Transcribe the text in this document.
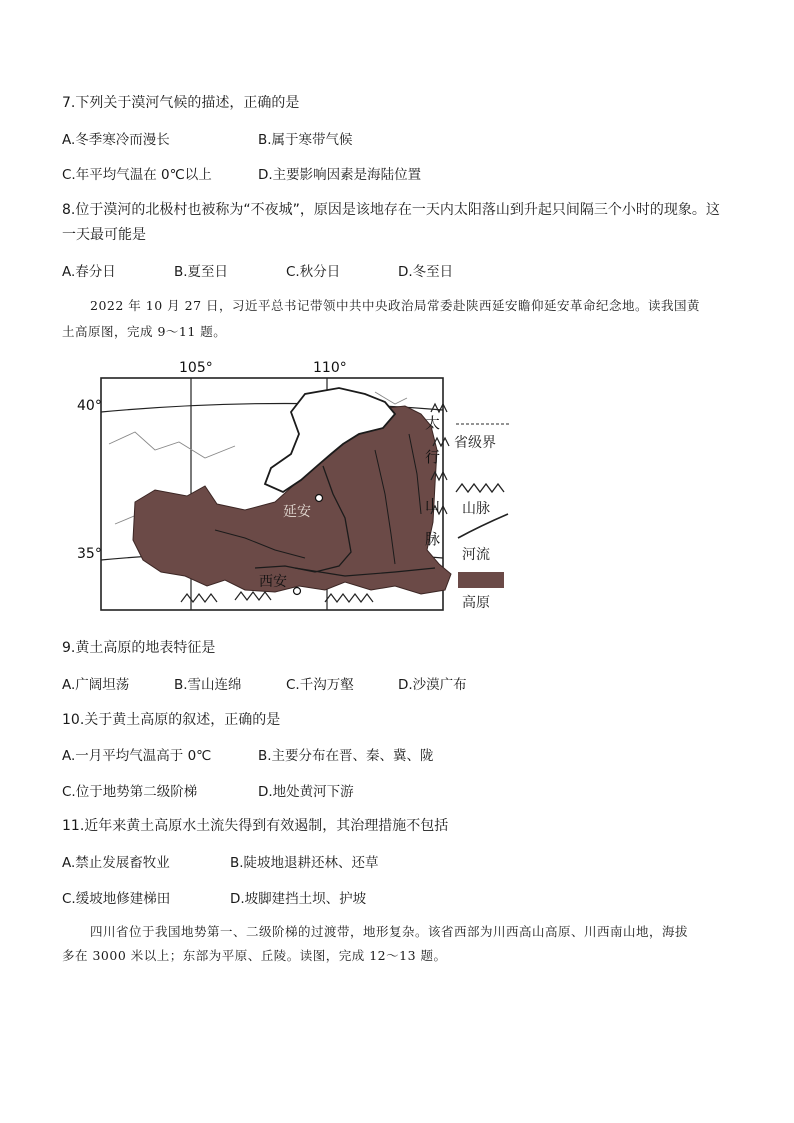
7.下列关于漠河气候的描述，正确的是
A.冬季寒冷而漫长	B.属于寒带气候
C.年平均气温在 0℃以上	D.主要影响因素是海陆位置
8.位于漠河的北极村也被称为“不夜城”，原因是该地存在一天内太阳落山到升起只间隔三个小时的现象。这
一天最可能是
A.春分日	B.夏至日	C.秋分日	D.冬至日
2022 年 10 月 27 日，习近平总书记带领中共中央政治局常委赴陕西延安瞻仰延安革命纪念地。读我国黄
土高原图，完成 9～11 题。
105°	110°
40°
35°
延安
西安
太
行
山
脉
省级界
山脉
河流
高原
9.黄土高原的地表特征是
A.广阔坦荡	B.雪山连绵	C.千沟万壑	D.沙漠广布
10.关于黄土高原的叙述，正确的是
A.一月平均气温高于 0℃	B.主要分布在晋、秦、冀、陇
C.位于地势第二级阶梯	D.地处黄河下游
11.近年来黄土高原水土流失得到有效遏制，其治理措施不包括
A.禁止发展畜牧业	B.陡坡地退耕还林、还草
C.缓坡地修建梯田	D.坡脚建挡土坝、护坡
四川省位于我国地势第一、二级阶梯的过渡带，地形复杂。该省西部为川西高山高原、川西南山地，海拔
多在 3000 米以上；东部为平原、丘陵。读图，完成 12～13 题。
